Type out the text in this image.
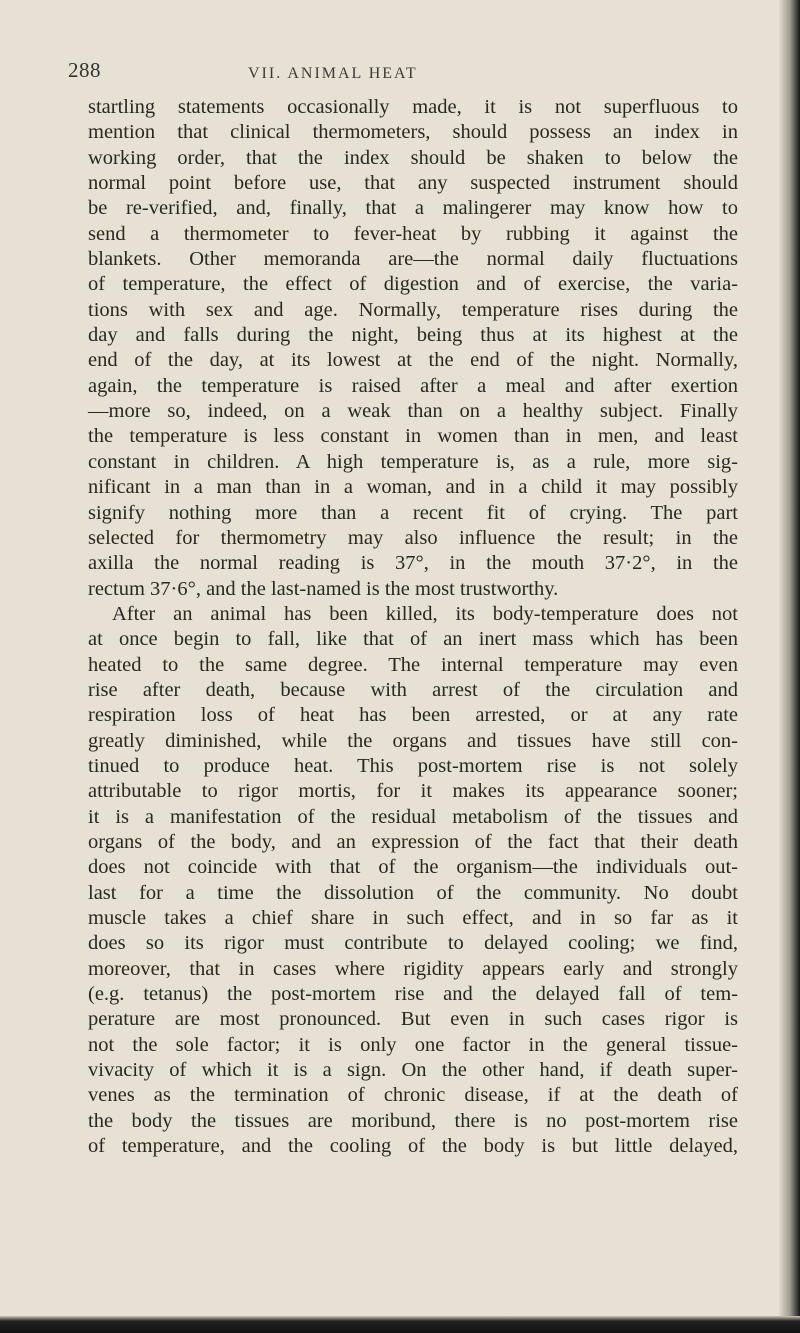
288	VII. ANIMAL HEAT
startling statements occasionally made, it is not superfluous to
mention that clinical thermometers, should possess an index in
working order, that the index should be shaken to below the
normal point before use, that any suspected instrument should
be re-verified, and, finally, that a malingerer may know how to
send a thermometer to fever-heat by rubbing it against the
blankets. Other memoranda are—the normal daily fluctuations
of temperature, the effect of digestion and of exercise, the varia-
tions with sex and age. Normally, temperature rises during the
day and falls during the night, being thus at its highest at the
end of the day, at its lowest at the end of the night. Normally,
again, the temperature is raised after a meal and after exertion
—more so, indeed, on a weak than on a healthy subject. Finally
the temperature is less constant in women than in men, and least
constant in children. A high temperature is, as a rule, more sig-
nificant in a man than in a woman, and in a child it may possibly
signify nothing more than a recent fit of crying. The part
selected for thermometry may also influence the result; in the
axilla the normal reading is 37°, in the mouth 37·2°, in the
rectum 37·6°, and the last-named is the most trustworthy.
After an animal has been killed, its body-temperature does not
at once begin to fall, like that of an inert mass which has been
heated to the same degree. The internal temperature may even
rise after death, because with arrest of the circulation and
respiration loss of heat has been arrested, or at any rate
greatly diminished, while the organs and tissues have still con-
tinued to produce heat. This post-mortem rise is not solely
attributable to rigor mortis, for it makes its appearance sooner;
it is a manifestation of the residual metabolism of the tissues and
organs of the body, and an expression of the fact that their death
does not coincide with that of the organism—the individuals out-
last for a time the dissolution of the community. No doubt
muscle takes a chief share in such effect, and in so far as it
does so its rigor must contribute to delayed cooling; we find,
moreover, that in cases where rigidity appears early and strongly
(e.g. tetanus) the post-mortem rise and the delayed fall of tem-
perature are most pronounced. But even in such cases rigor is
not the sole factor; it is only one factor in the general tissue-
vivacity of which it is a sign. On the other hand, if death super-
venes as the termination of chronic disease, if at the death of
the body the tissues are moribund, there is no post-mortem rise
of temperature, and the cooling of the body is but little delayed,
